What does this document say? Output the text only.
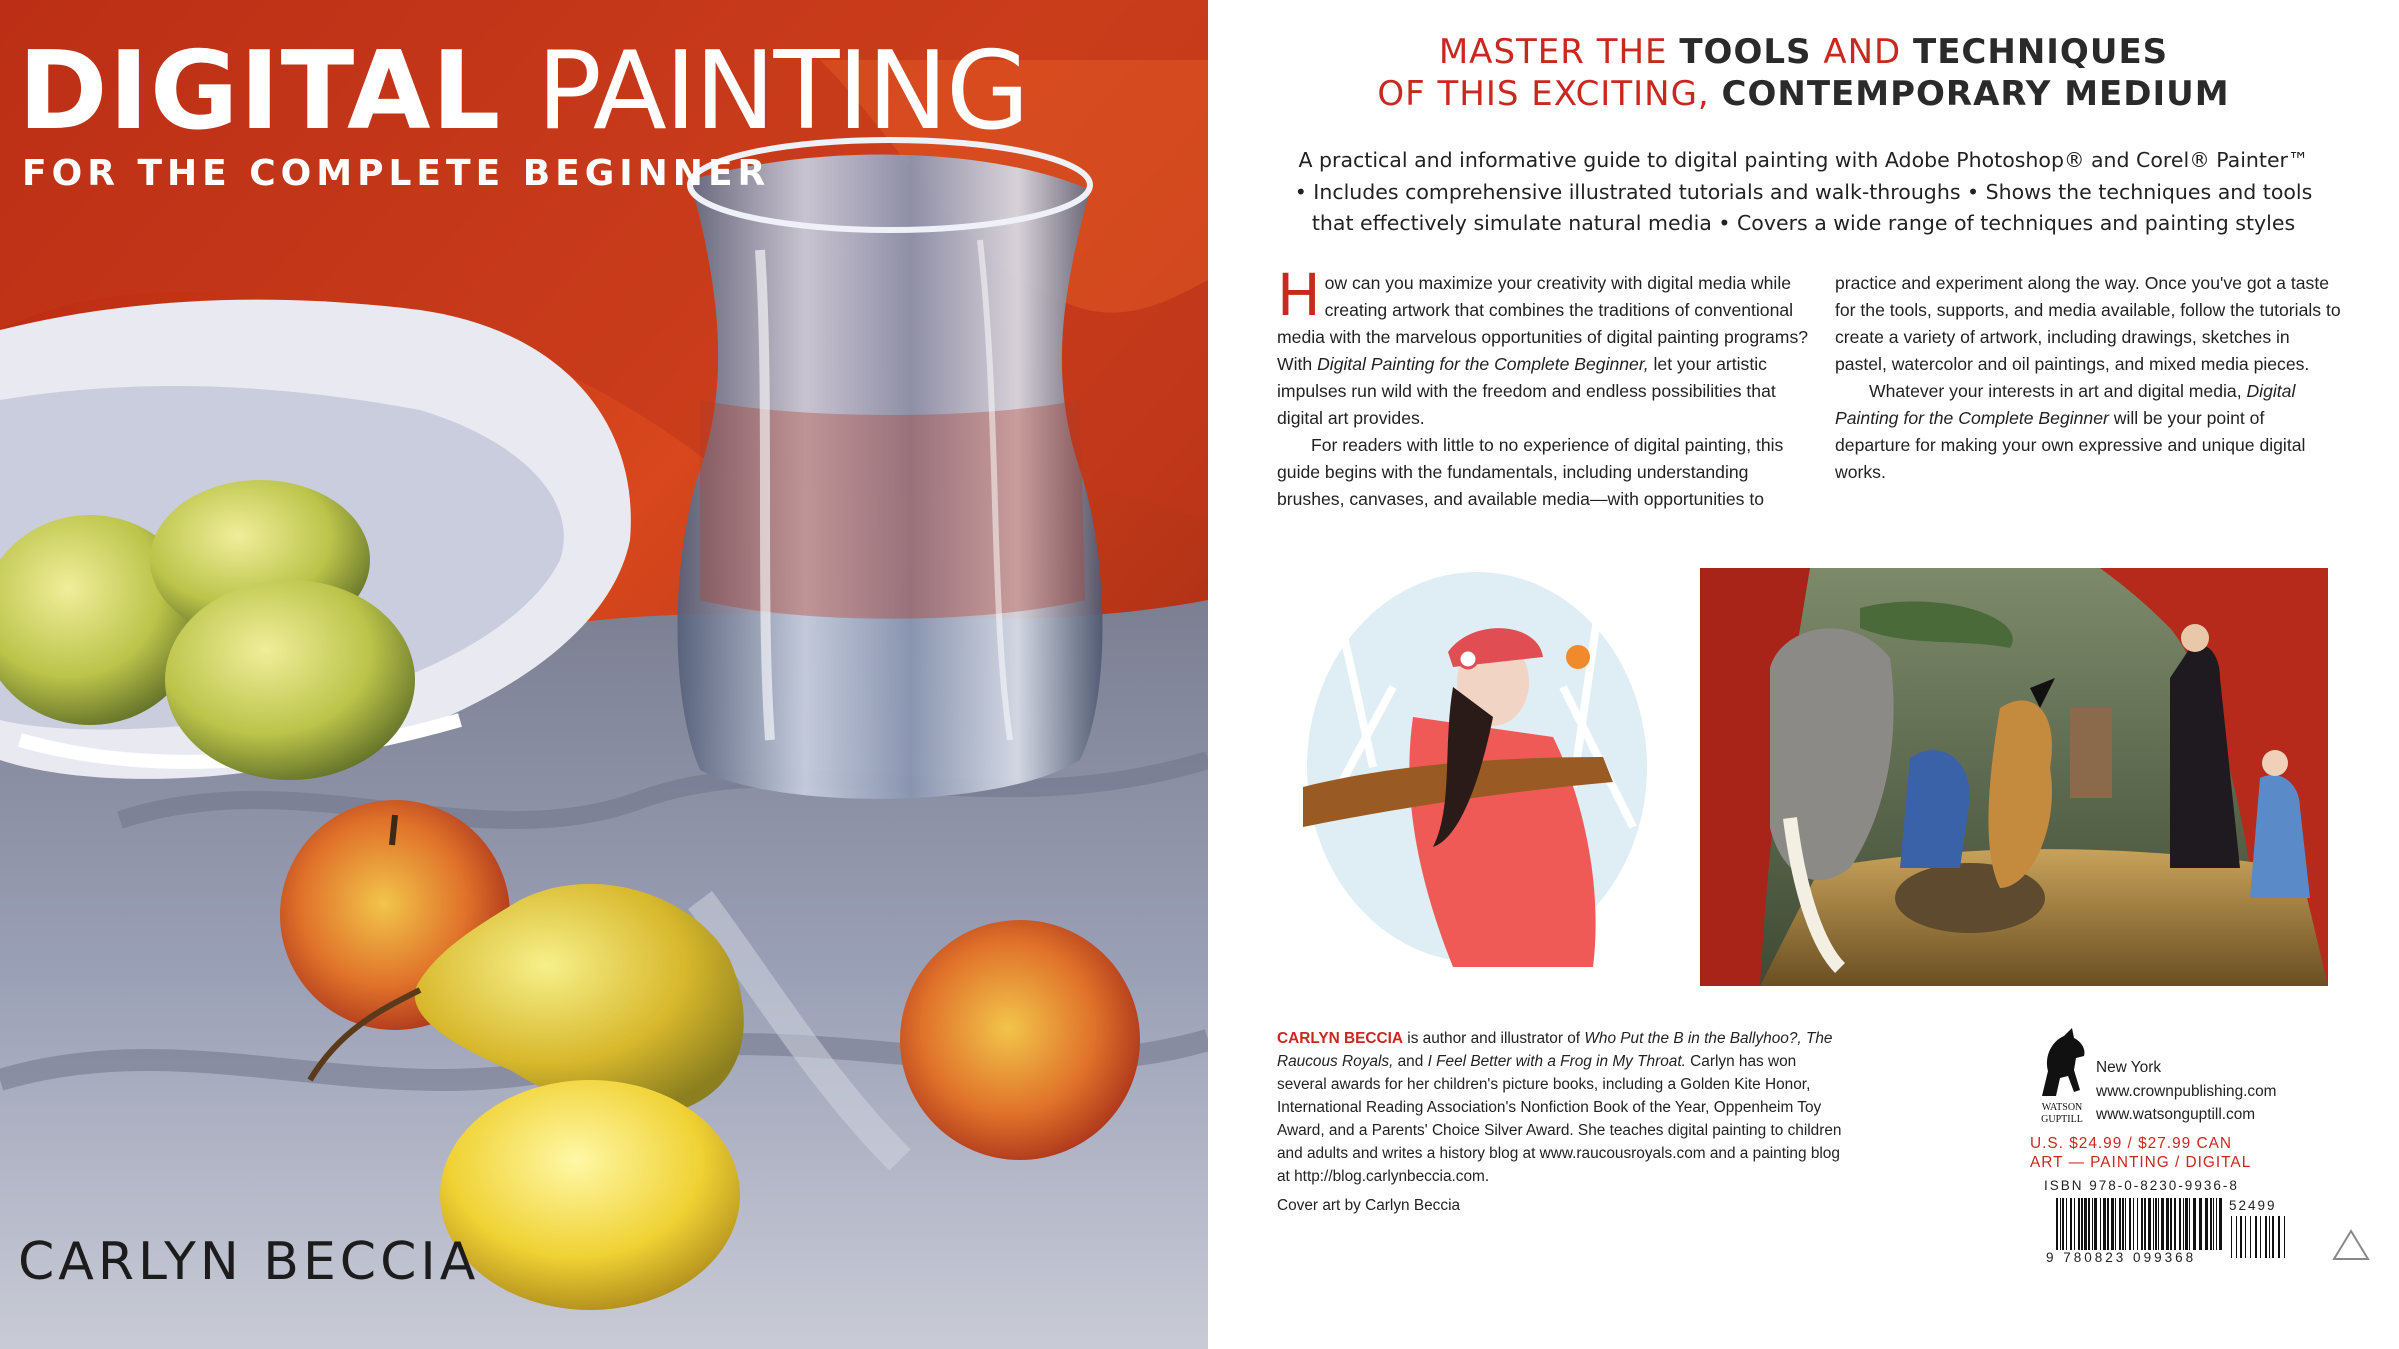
DIGITAL PAINTING
FOR THE COMPLETE BEGINNER
CARLYN BECCIA
MASTER THE TOOLS AND TECHNIQUES
OF THIS EXCITING, CONTEMPORARY MEDIUM
A practical and informative guide to digital painting with Adobe Photoshop® and Corel® Painter™
• Includes comprehensive illustrated tutorials and walk-throughs • Shows the techniques and tools
that effectively simulate natural media • Covers a wide range of techniques and painting styles

How can you maximize your creativity with digital media while creating artwork that combines the traditions of conventional media with the marvelous opportunities of digital painting programs? With Digital Painting for the Complete Beginner, let your artistic impulses run wild with the freedom and endless possibilities that digital art provides.

For readers with little to no experience of digital painting, this guide begins with the fundamentals, including understanding brushes, canvases, and available media—with opportunities to

practice and experiment along the way. Once you've got a taste for the tools, supports, and media available, follow the tutorials to create a variety of artwork, including drawings, sketches in pastel, watercolor and oil paintings, and mixed media pieces.

Whatever your interests in art and digital media, Digital Painting for the Complete Beginner will be your point of departure for making your own expressive and unique digital works.

CARLYN BECCIA is author and illustrator of Who Put the B in the Ballyhoo?, The Raucous Royals, and I Feel Better with a Frog in My Throat. Carlyn has won several awards for her children's picture books, including a Golden Kite Honor, International Reading Association's Nonfiction Book of the Year, Oppenheim Toy Award, and a Parents' Choice Silver Award. She teaches digital painting to children and adults and writes a history blog at www.raucousroyals.com and a painting blog at http://blog.carlynbeccia.com.
Cover art by Carlyn Beccia
WATSON
GUPTILL
New York
www.crownpublishing.com
www.watsonguptill.com
U.S. $24.99 / $27.99 CAN
ART — PAINTING / DIGITAL
ISBN 978-0-8230-9936-8
9 780823 099368
52499
